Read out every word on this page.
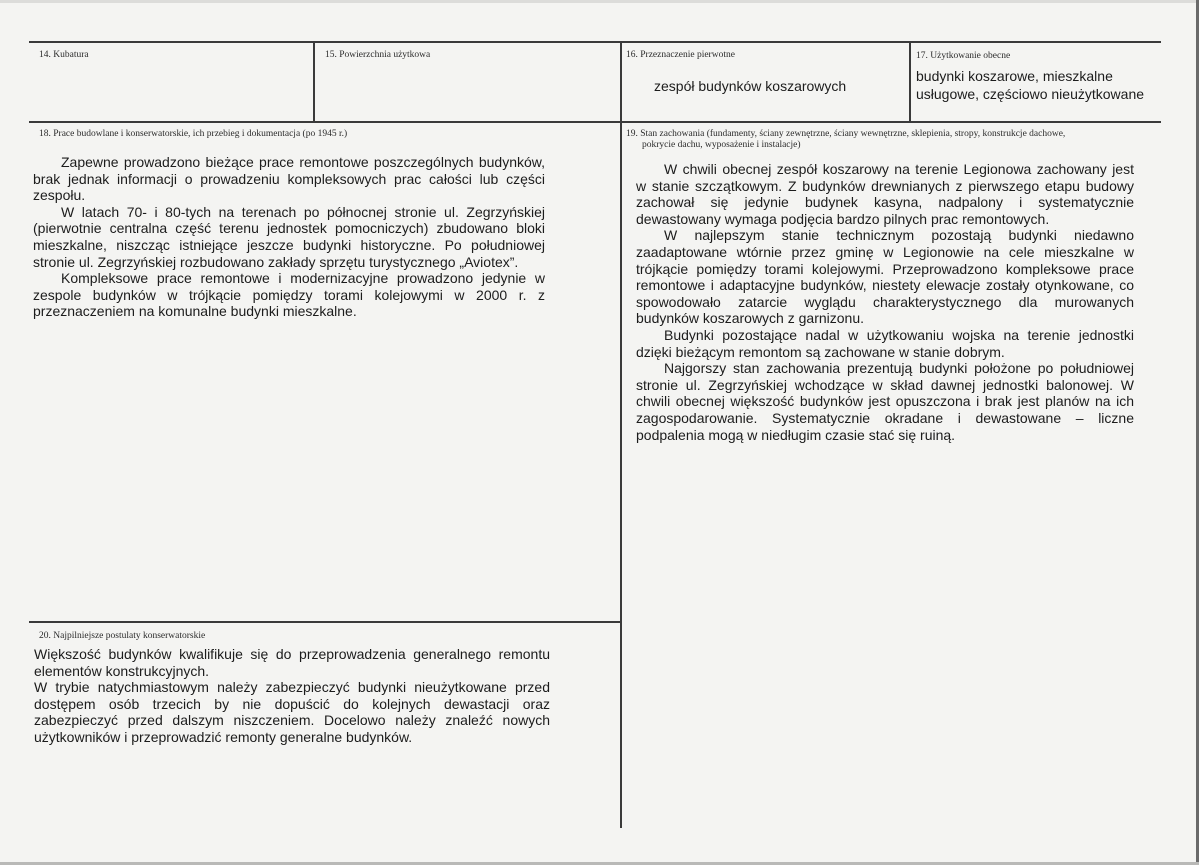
14. Kubatura	15. Powierzchnia użytkowa	16. Przeznaczenie pierwotne
zespół budynków koszarowych
17. Użytkowanie obecne
budynki koszarowe, mieszkalne
usługowe, częściowo nieużytkowane
18. Prace budowlane i konserwatorskie, ich przebieg i dokumentacja (po 1945 r.)

Zapewne prowadzono bieżące prace remontowe poszczególnych budynków, brak jednak informacji o prowadzeniu kompleksowych prac całości lub części zespołu.

W latach 70- i 80-tych na terenach po północnej stronie ul. Zegrzyńskiej (pierwotnie centralna część terenu jednostek pomocniczych) zbudowano bloki mieszkalne, niszcząc istniejące jeszcze budynki historyczne. Po południowej stronie ul. Zegrzyńskiej rozbudowano zakłady sprzętu turystycznego „Aviotex”.

Kompleksowe prace remontowe i modernizacyjne prowadzono jedynie w zespole budynków w trójkącie pomiędzy torami kolejowymi w 2000 r. z przeznaczeniem na komunalne budynki mieszkalne.

19. Stan zachowania (fundamenty, ściany zewnętrzne, ściany wewnętrzne, sklepienia, stropy, konstrukcje dachowe,
pokrycie dachu, wyposażenie i instalacje)

W chwili obecnej zespół koszarowy na terenie Legionowa zachowany jest w stanie szczątkowym. Z budynków drewnianych z pierwszego etapu budowy zachował się jedynie budynek kasyna, nadpalony i systematycznie dewastowany wymaga podjęcia bardzo pilnych prac remontowych.

W najlepszym stanie technicznym pozostają budynki niedawno zaadaptowane wtórnie przez gminę w Legionowie na cele mieszkalne w trójkącie pomiędzy torami kolejowymi. Przeprowadzono kompleksowe prace remontowe i adaptacyjne budynków, niestety elewacje zostały otynkowane, co spowodowało zatarcie wyglądu charakterystycznego dla murowanych budynków koszarowych z garnizonu.

Budynki pozostające nadal w użytkowaniu wojska na terenie jednostki dzięki bieżącym remontom są zachowane w stanie dobrym.

Najgorszy stan zachowania prezentują budynki położone po południowej stronie ul. Zegrzyńskiej wchodzące w skład dawnej jednostki balonowej. W chwili obecnej większość budynków jest opuszczona i brak jest planów na ich zagospodarowanie. Systematycznie okradane i dewastowane – liczne podpalenia mogą w niedługim czasie stać się ruiną.

20. Najpilniejsze postulaty konserwatorskie

Większość budynków kwalifikuje się do przeprowadzenia generalnego remontu elementów konstrukcyjnych.

W trybie natychmiastowym należy zabezpieczyć budynki nieużytkowane przed dostępem osób trzecich by nie dopuścić do kolejnych dewastacji oraz zabezpieczyć przed dalszym niszczeniem. Docelowo należy znaleźć nowych użytkowników i przeprowadzić remonty generalne budynków.
